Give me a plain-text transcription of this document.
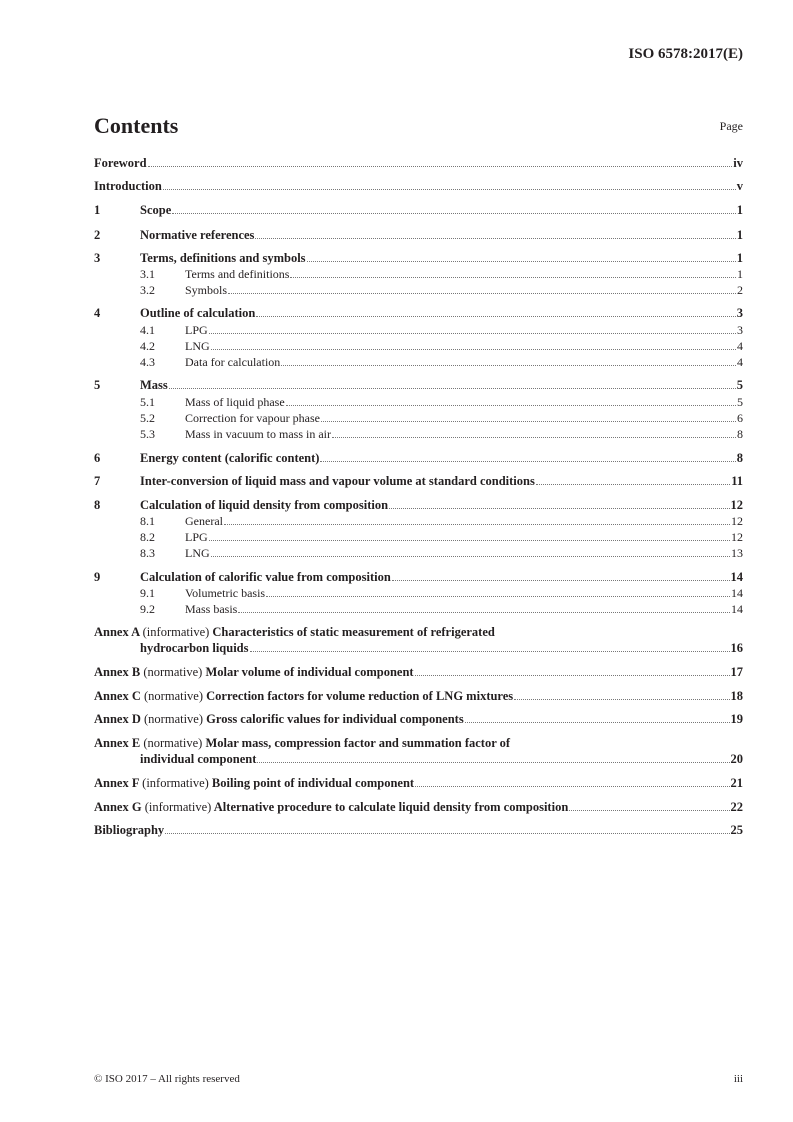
ISO 6578:2017(E)
Contents	Page
Foreword	iv
Introduction	v
1	Scope	1
2	Normative references	1
3	Terms, definitions and symbols	1
3.1	Terms and definitions	1
3.2	Symbols	2
4	Outline of calculation	3
4.1	LPG	3
4.2	LNG	4
4.3	Data for calculation	4
5	Mass	5
5.1	Mass of liquid phase	5
5.2	Correction for vapour phase	6
5.3	Mass in vacuum to mass in air	8
6	Energy content (calorific content)	8
7	Inter-conversion of liquid mass and vapour volume at standard conditions	11
8	Calculation of liquid density from composition	12
8.1	General	12
8.2	LPG	12
8.3	LNG	13
9	Calculation of calorific value from composition	14
9.1	Volumetric basis	14
9.2	Mass basis	14
Annex A (informative) Characteristics of static measurement of refrigerated
hydrocarbon liquids	16
Annex B (normative) Molar volume of individual component	17
Annex C (normative) Correction factors for volume reduction of LNG mixtures	18
Annex D (normative) Gross calorific values for individual components	19
Annex E (normative) Molar mass, compression factor and summation factor of
individual component	20
Annex F (informative) Boiling point of individual component	21
Annex G (informative) Alternative procedure to calculate liquid density from composition	22
Bibliography	25
© ISO 2017 – All rights reserved	iii
